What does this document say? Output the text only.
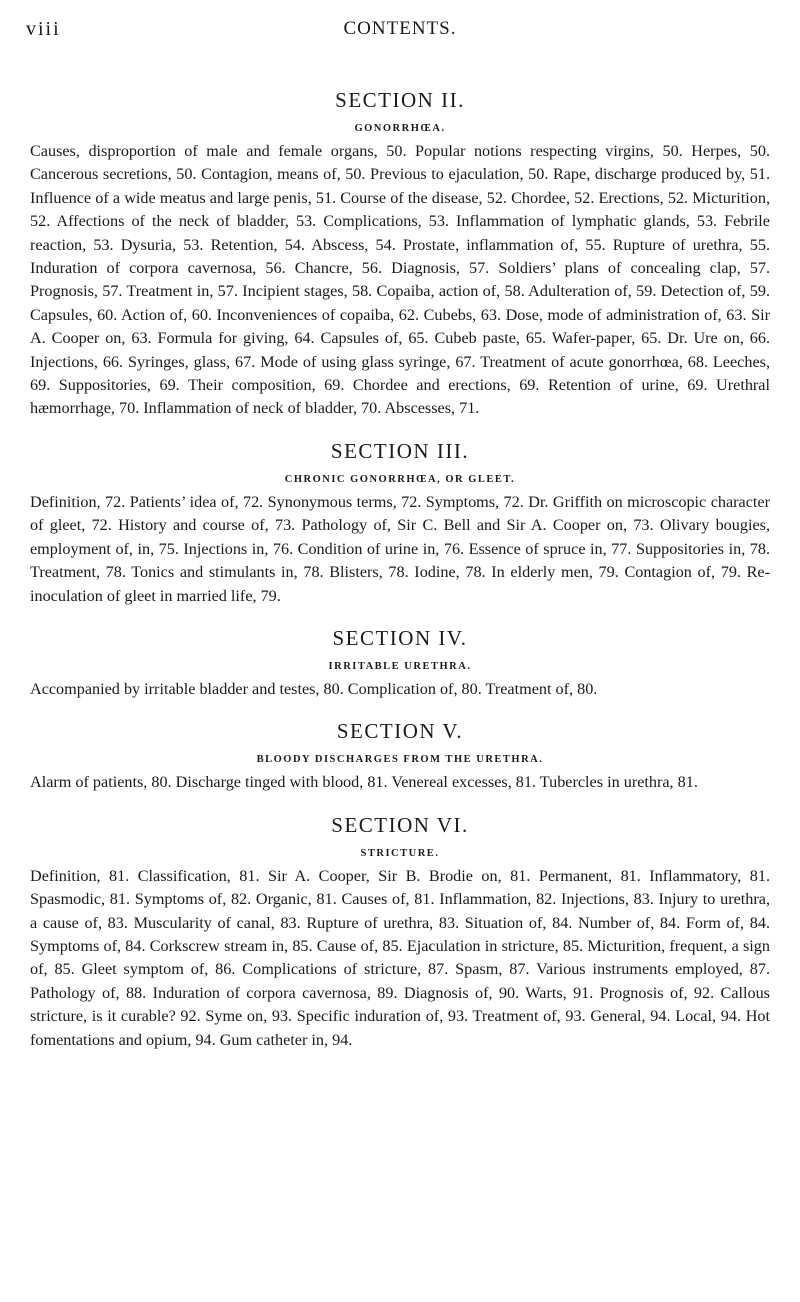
viii	CONTENTS.
SECTION II.
GONORRHŒA.

Causes, disproportion of male and female organs, 50. Popular notions respecting virgins, 50. Herpes, 50. Cancerous secretions, 50. Contagion, means of, 50. Previous to ejaculation, 50. Rape, discharge produced by, 51. Influence of a wide meatus and large penis, 51. Course of the disease, 52. Chordee, 52. Erections, 52. Micturition, 52. Affections of the neck of bladder, 53. Complications, 53. Inflammation of lymphatic glands, 53. Febrile reaction, 53. Dysuria, 53. Retention, 54. Abscess, 54. Prostate, inflammation of, 55. Rupture of urethra, 55. Induration of corpora cavernosa, 56. Chancre, 56. Diagnosis, 57. Soldiers’ plans of concealing clap, 57. Prognosis, 57. Treatment in, 57. Incipient stages, 58. Copaiba, action of, 58. Adulteration of, 59. Detection of, 59. Capsules, 60. Action of, 60. Inconveniences of copaiba, 62. Cubebs, 63. Dose, mode of administration of, 63. Sir A. Cooper on, 63. Formula for giving, 64. Capsules of, 65. Cubeb paste, 65. Wafer-paper, 65. Dr. Ure on, 66. Injections, 66. Syringes, glass, 67. Mode of using glass syringe, 67. Treatment of acute gonorrhœa, 68. Leeches, 69. Suppositories, 69. Their composition, 69. Chordee and erections, 69. Retention of urine, 69. Urethral hæmorrhage, 70. Inflammation of neck of bladder, 70. Abscesses, 71.

SECTION III.
CHRONIC GONORRHŒA, OR GLEET.

Definition, 72. Patients’ idea of, 72. Synonymous terms, 72. Symptoms, 72. Dr. Griffith on microscopic character of gleet, 72. History and course of, 73. Pathology of, Sir C. Bell and Sir A. Cooper on, 73. Olivary bougies, employment of, in, 75. Injections in, 76. Condition of urine in, 76. Essence of spruce in, 77. Suppositories in, 78. Treatment, 78. Tonics and stimulants in, 78. Blisters, 78. Iodine, 78. In elderly men, 79. Contagion of, 79. Re-inoculation of gleet in married life, 79.

SECTION IV.
IRRITABLE URETHRA.

Accompanied by irritable bladder and testes, 80. Complication of, 80. Treatment of, 80.

SECTION V.
BLOODY DISCHARGES FROM THE URETHRA.

Alarm of patients, 80. Discharge tinged with blood, 81. Venereal excesses, 81. Tubercles in urethra, 81.

SECTION VI.
STRICTURE.

Definition, 81. Classification, 81. Sir A. Cooper, Sir B. Brodie on, 81. Permanent, 81. Inflammatory, 81. Spasmodic, 81. Symptoms of, 82. Organic, 81. Causes of, 81. Inflammation, 82. Injections, 83. Injury to urethra, a cause of, 83. Muscularity of canal, 83. Rupture of urethra, 83. Situation of, 84. Number of, 84. Form of, 84. Symptoms of, 84. Corkscrew stream in, 85. Cause of, 85. Ejaculation in stricture, 85. Micturition, frequent, a sign of, 85. Gleet symptom of, 86. Complications of stricture, 87. Spasm, 87. Various instruments employed, 87. Pathology of, 88. Induration of corpora cavernosa, 89. Diagnosis of, 90. Warts, 91. Prognosis of, 92. Callous stricture, is it curable? 92. Syme on, 93. Specific induration of, 93. Treatment of, 93. General, 94. Local, 94. Hot fomentations and opium, 94. Gum catheter in, 94.
